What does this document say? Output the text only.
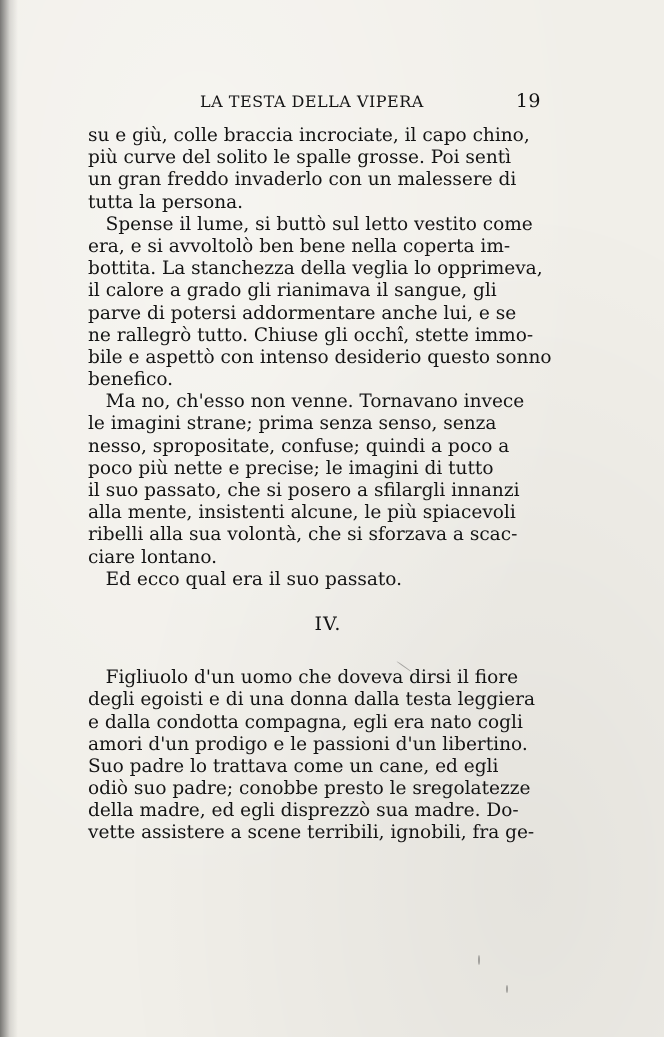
LA TESTA DELLA VIPERA	19
su e giù, colle braccia incrociate, il capo chino,
più curve del solito le spalle grosse. Poi sentì
un gran freddo invaderlo con un malessere di
tutta la persona.
Spense il lume, si buttò sul letto vestito come
era, e si avvoltolò ben bene nella coperta im-
bottita. La stanchezza della veglia lo opprimeva,
il calore a grado gli rianimava il sangue, gli
parve di potersi addormentare anche lui, e se
ne rallegrò tutto. Chiuse gli occhî, stette immo-
bile e aspettò con intenso desiderio questo sonno
benefico.
Ma no, ch'esso non venne. Tornavano invece
le imagini strane; prima senza senso, senza
nesso, spropositate, confuse; quindi a poco a
poco più nette e precise; le imagini di tutto
il suo passato, che si posero a sfilargli innanzi
alla mente, insistenti alcune, le più spiacevoli
ribelli alla sua volontà, che si sforzava a scac-
ciare lontano.
Ed ecco qual era il suo passato.
IV.
Figliuolo d'un uomo che doveva dirsi il fiore
degli egoisti e di una donna dalla testa leggiera
e dalla condotta compagna, egli era nato cogli
amori d'un prodigo e le passioni d'un libertino.
Suo padre lo trattava come un cane, ed egli
odiò suo padre; conobbe presto le sregolatezze
della madre, ed egli disprezzò sua madre. Do-
vette assistere a scene terribili, ignobili, fra ge-
